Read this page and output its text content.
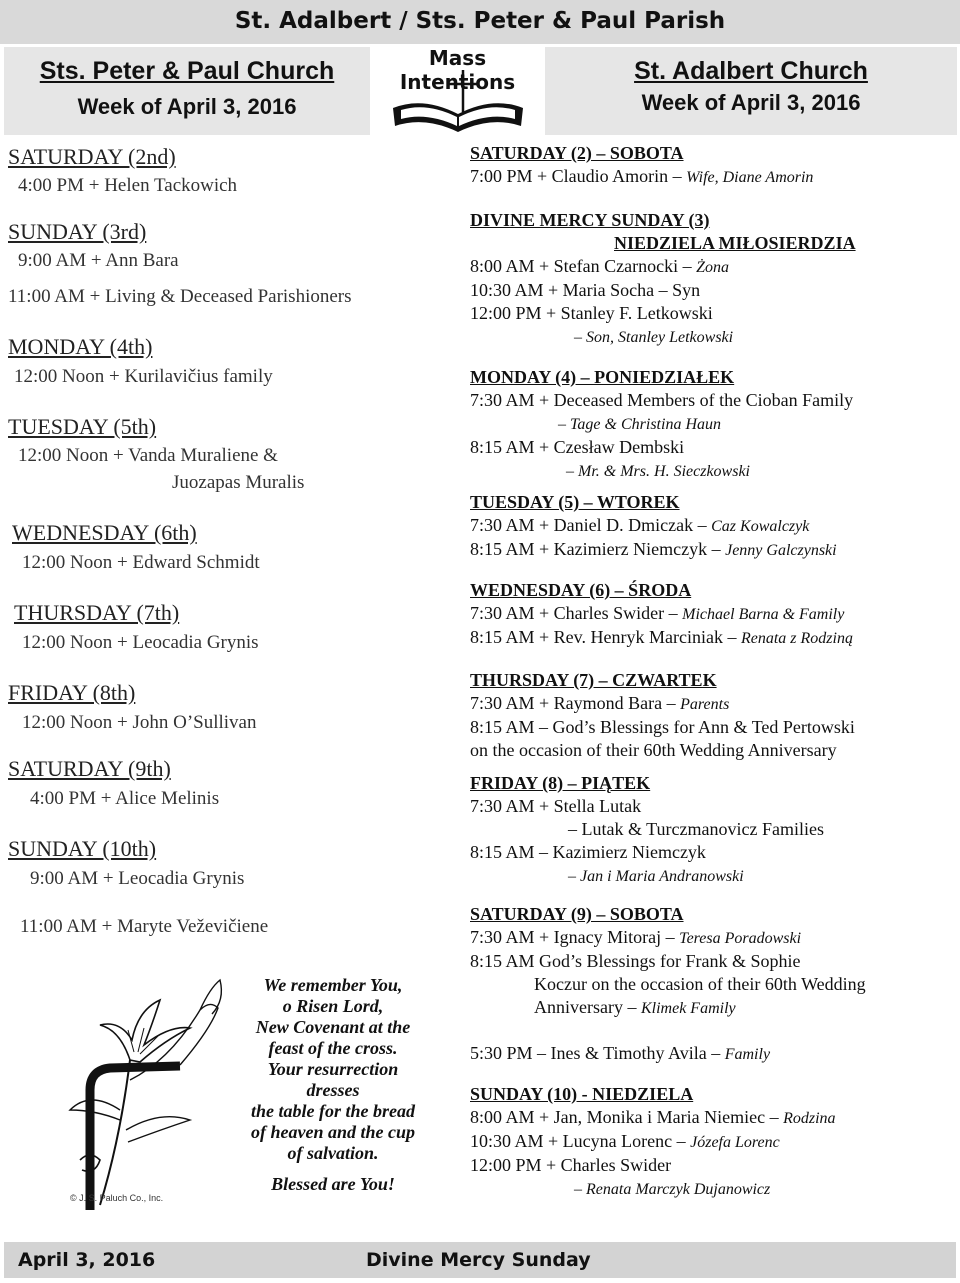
St. Adalbert / Sts. Peter & Paul Parish
Sts. Peter & Paul Church
Week of April 3, 2016
Mass Intentions	St. Adalbert Church
Week of April 3, 2016
SATURDAY (2nd)
4:00 PM + Helen Tackowich
SUNDAY (3rd)
9:00 AM + Ann Bara
11:00 AM + Living & Deceased Parishioners
MONDAY (4th)
12:00 Noon + Kurilavičius family
TUESDAY (5th)
12:00 Noon + Vanda Muraliene &
Juozapas Muralis
WEDNESDAY (6th)
12:00 Noon + Edward Schmidt
THURSDAY (7th)
12:00 Noon + Leocadia Grynis
FRIDAY (8th)
12:00 Noon + John O’Sullivan
SATURDAY (9th)
4:00 PM + Alice Melinis
SUNDAY (10th)
9:00 AM + Leocadia Grynis
11:00 AM + Maryte Veževičiene
SATURDAY (2) – SOBOTA
7:00 PM + Claudio Amorin – Wife, Diane Amorin
DIVINE MERCY SUNDAY (3)
NIEDZIELA MIŁOSIERDZIA
8:00 AM + Stefan Czarnocki – Żona
10:30 AM + Maria Socha – Syn
12:00 PM + Stanley F. Letkowski
– Son, Stanley Letkowski
MONDAY (4) – PONIEDZIAŁEK
7:30 AM + Deceased Members of the Cioban Family
– Tage & Christina Haun
8:15 AM + Czesław Dembski
– Mr. & Mrs. H. Sieczkowski
TUESDAY (5) – WTOREK
7:30 AM + Daniel D. Dmiczak – Caz Kowalczyk
8:15 AM + Kazimierz Niemczyk – Jenny Galczynski
WEDNESDAY (6) – ŚRODA
7:30 AM + Charles Swider – Michael Barna & Family
8:15 AM + Rev. Henryk Marciniak – Renata z Rodziną
THURSDAY (7) – CZWARTEK
7:30 AM + Raymond Bara – Parents
8:15 AM – God’s Blessings for Ann & Ted Pertowski
on the occasion of their 60th Wedding Anniversary
FRIDAY (8) – PIĄTEK
7:30 AM + Stella Lutak
– Lutak & Turczmanovicz Families
8:15 AM – Kazimierz Niemczyk
– Jan i Maria Andranowski
SATURDAY (9) – SOBOTA
7:30 AM + Ignacy Mitoraj – Teresa Poradowski
8:15 AM God’s Blessings for Frank & Sophie
Koczur on the occasion of their 60th Wedding
Anniversary – Klimek Family
5:30 PM – Ines & Timothy Avila – Family
SUNDAY (10) - NIEDZIELA
8:00 AM + Jan, Monika i Maria Niemiec – Rodzina
10:30 AM + Lucyna Lorenc – Józefa Lorenc
12:00 PM + Charles Swider
– Renata Marczyk Dujanowicz
We remember You,
o Risen Lord,
New Covenant at the
feast of the cross.
Your resurrection
dresses
the table for the bread
of heaven and the cup
of salvation.
Blessed are You!
© J. S. Paluch Co., Inc.
April 3, 2016	Divine Mercy Sunday
